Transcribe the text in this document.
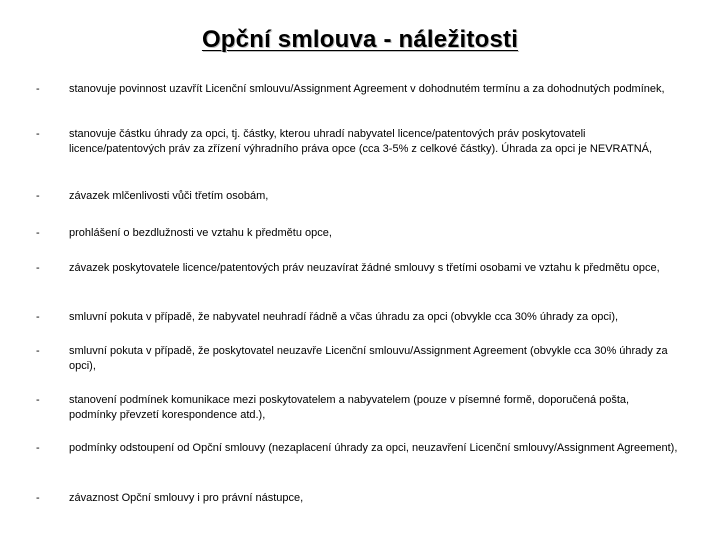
Opční smlouva - náležitosti
-	stanovuje povinnost uzavřít Licenční smlouvu/Assignment Agreement v dohodnutém termínu a za dohodnutých podmínek,
-	stanovuje částku úhrady za opci, tj. částky, kterou uhradí nabyvatel licence/patentových práv poskytovateli licence/patentových práv za zřízení výhradního práva opce (cca 3-5% z celkové částky). Úhrada za opci je NEVRATNÁ,
-	závazek mlčenlivosti vůči třetím osobám,
-	prohlášení o bezdlužnosti ve vztahu k předmětu opce,
-	závazek poskytovatele licence/patentových práv neuzavírat žádné smlouvy s třetími osobami ve vztahu k předmětu opce,
-	smluvní pokuta v případě, že nabyvatel neuhradí řádně a včas úhradu za opci (obvykle cca 30% úhrady za opci),
-	smluvní pokuta v případě, že poskytovatel neuzavře Licenční smlouvu/Assignment Agreement (obvykle cca 30% úhrady za opci),
-	stanovení podmínek komunikace mezi poskytovatelem a nabyvatelem (pouze v písemné formě, doporučená pošta, podmínky převzetí korespondence atd.),
-	podmínky odstoupení od Opční smlouvy (nezaplacení úhrady za opci, neuzavření Licenční smlouvy/Assignment Agreement),
-	závaznost Opční smlouvy i pro právní nástupce,
